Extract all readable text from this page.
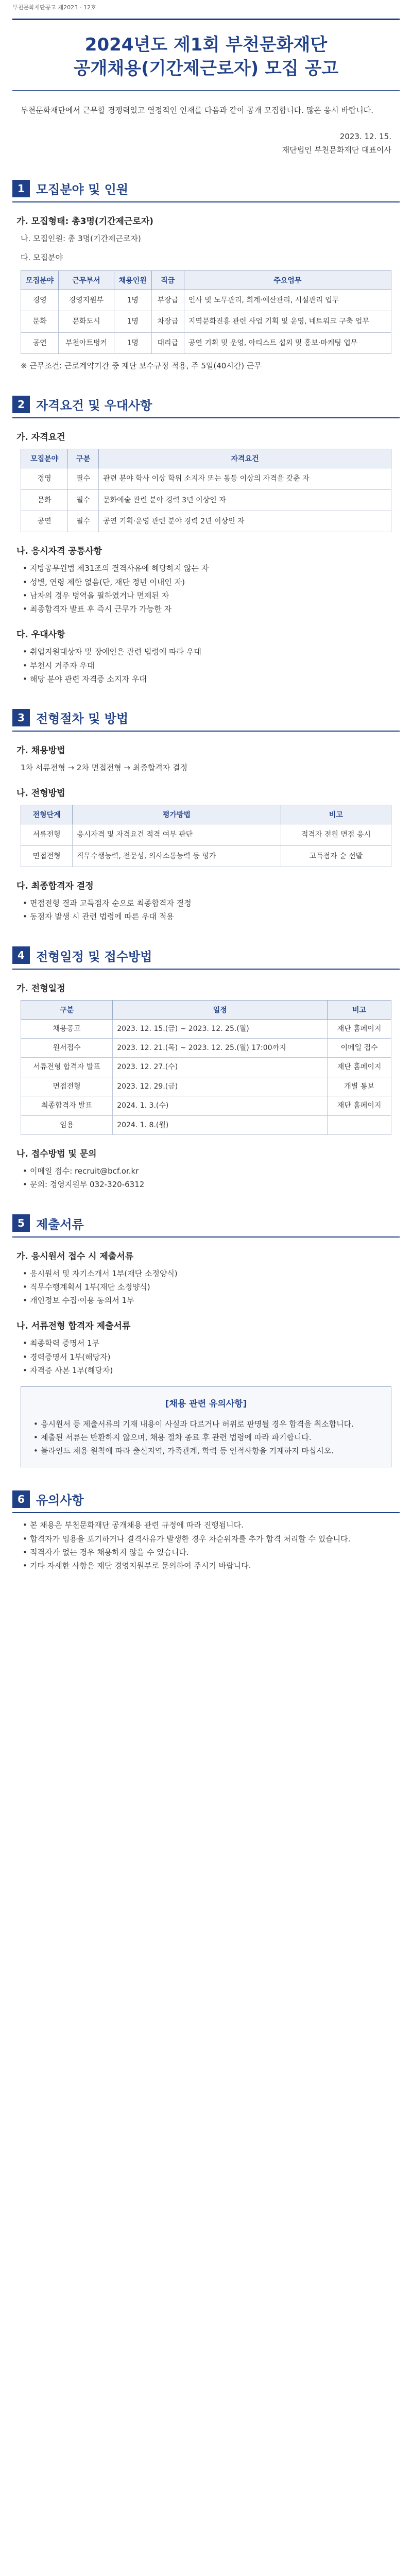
부천문화재단공고 제2023 - 12호
2024년도 제1회 부천문화재단
공개채용(기간제근로자) 모집 공고
부천문화재단에서 근무할 경쟁력있고 열정적인 인재를 다음과 같이 공개 모집합니다. 많은 응시 바랍니다.
2023. 12. 15.
재단법인 부천문화재단 대표이사
1 모집분야 및 인원
가. 모집형태: 총3명(기간제근로자)
나. 모집인원: 총 3명(기간제근로자)
다. 모집분야
모집분야	근무부서	채용인원	직급	주요업무
경영	경영지원부	1명	부장급	인사 및 노무관리, 회계·예산관리, 시설관리 업무
문화	문화도시	1명	차장급	지역문화진흥 관련 사업 기획 및 운영, 네트워크 구축 업무
공연	부천아트벙커	1명	대리급	공연 기획 및 운영, 아티스트 섭외 및 홍보·마케팅 업무
※ 근무조건: 근로계약기간 중 재단 보수규정 적용, 주 5일(40시간) 근무
2 자격요건 및 우대사항
가. 자격요건
모집분야	구분	자격요건
경영	필수	관련 분야 학사 이상 학위 소지자 또는 동등 이상의 자격을 갖춘 자
문화	필수	문화예술 관련 분야 경력 3년 이상인 자
공연	필수	공연 기획·운영 관련 분야 경력 2년 이상인 자
나. 응시자격 공통사항
• 지방공무원법 제31조의 결격사유에 해당하지 않는 자
• 성별, 연령 제한 없음(단, 재단 정년 이내인 자)
• 남자의 경우 병역을 필하였거나 면제된 자
• 최종합격자 발표 후 즉시 근무가 가능한 자
다. 우대사항
• 취업지원대상자 및 장애인은 관련 법령에 따라 우대
• 부천시 거주자 우대
• 해당 분야 관련 자격증 소지자 우대
3 전형절차 및 방법
가. 채용방법
1차 서류전형 → 2차 면접전형 → 최종합격자 결정
나. 전형방법
전형단계	평가방법	비고
서류전형	응시자격 및 자격요건 적격 여부 판단	적격자 전원 면접 응시
면접전형	직무수행능력, 전문성, 의사소통능력 등 평가	고득점자 순 선발
다. 최종합격자 결정
• 면접전형 결과 고득점자 순으로 최종합격자 결정
• 동점자 발생 시 관련 법령에 따른 우대 적용
4 전형일정 및 접수방법
가. 전형일정
구분	일정	비고
채용공고	2023. 12. 15.(금) ~ 2023. 12. 25.(월)	재단 홈페이지
원서접수	2023. 12. 21.(목) ~ 2023. 12. 25.(월) 17:00까지	이메일 접수
서류전형 합격자 발표	2023. 12. 27.(수)	재단 홈페이지
면접전형	2023. 12. 29.(금)	개별 통보
최종합격자 발표	2024. 1. 3.(수)	재단 홈페이지
임용	2024. 1. 8.(월)	
나. 접수방법 및 문의
• 이메일 접수: recruit@bcf.or.kr
• 문의: 경영지원부 032-320-6312
5 제출서류
가. 응시원서 접수 시 제출서류
• 응시원서 및 자기소개서 1부(재단 소정양식)
• 직무수행계획서 1부(재단 소정양식)
• 개인정보 수집·이용 동의서 1부
나. 서류전형 합격자 제출서류
• 최종학력 증명서 1부
• 경력증명서 1부(해당자)
• 자격증 사본 1부(해당자)
[채용 관련 유의사항]
• 응시원서 등 제출서류의 기재 내용이 사실과 다르거나 허위로 판명될 경우 합격을 취소합니다.
• 제출된 서류는 반환하지 않으며, 채용 절차 종료 후 관련 법령에 따라 파기합니다.
• 블라인드 채용 원칙에 따라 출신지역, 가족관계, 학력 등 인적사항을 기재하지 마십시오.
6 유의사항
• 본 채용은 부천문화재단 공개채용 관련 규정에 따라 진행됩니다.
• 합격자가 임용을 포기하거나 결격사유가 발생한 경우 차순위자를 추가 합격 처리할 수 있습니다.
• 적격자가 없는 경우 채용하지 않을 수 있습니다.
• 기타 자세한 사항은 재단 경영지원부로 문의하여 주시기 바랍니다.
